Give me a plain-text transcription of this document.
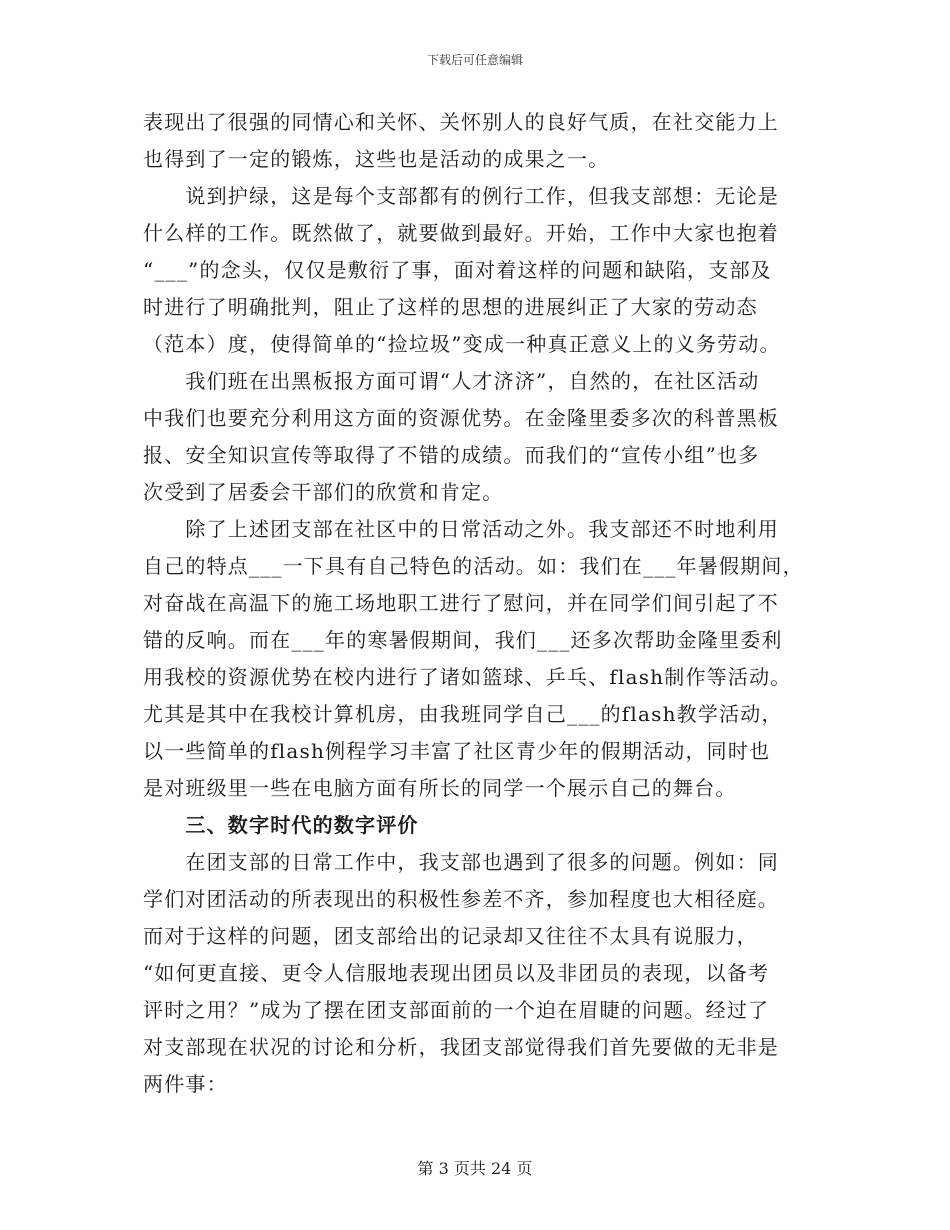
下载后可任意编辑

表现出了很强的同情心和关怀、关怀别人的良好气质，在社交能力上

也得到了一定的锻炼，这些也是活动的成果之一。

　　说到护绿，这是每个支部都有的例行工作，但我支部想：无论是

什么样的工作。既然做了，就要做到最好。开始，工作中大家也抱着

“___”的念头，仅仅是敷衍了事，面对着这样的问题和缺陷，支部及

时进行了明确批判，阻止了这样的思想的进展纠正了大家的劳动态

（范本）度，使得简单的“捡垃圾”变成一种真正意义上的义务劳动。

　　我们班在出黑板报方面可谓“人才济济”，自然的，在社区活动

中我们也要充分利用这方面的资源优势。在金隆里委多次的科普黑板

报、安全知识宣传等取得了不错的成绩。而我们的“宣传小组”也多

次受到了居委会干部们的欣赏和肯定。

　　除了上述团支部在社区中的日常活动之外。我支部还不时地利用

自己的特点___一下具有自己特色的活动。如：我们在___年暑假期间，

对奋战在高温下的施工场地职工进行了慰问，并在同学们间引起了不

错的反响。而在___年的寒暑假期间，我们___还多次帮助金隆里委利

用我校的资源优势在校内进行了诸如篮球、乒乓、flash制作等活动。

尤其是其中在我校计算机房，由我班同学自己___的flash教学活动，

以一些简单的flash例程学习丰富了社区青少年的假期活动，同时也

是对班级里一些在电脑方面有所长的同学一个展示自己的舞台。

　　三、数字时代的数字评价

　　在团支部的日常工作中，我支部也遇到了很多的问题。例如：同

学们对团活动的所表现出的积极性参差不齐，参加程度也大相径庭。

而对于这样的问题，团支部给出的记录却又往往不太具有说服力，

“如何更直接、更令人信服地表现出团员以及非团员的表现，以备考

评时之用？”成为了摆在团支部面前的一个迫在眉睫的问题。经过了

对支部现在状况的讨论和分析，我团支部觉得我们首先要做的无非是

两件事：

第 3 页共 24 页
